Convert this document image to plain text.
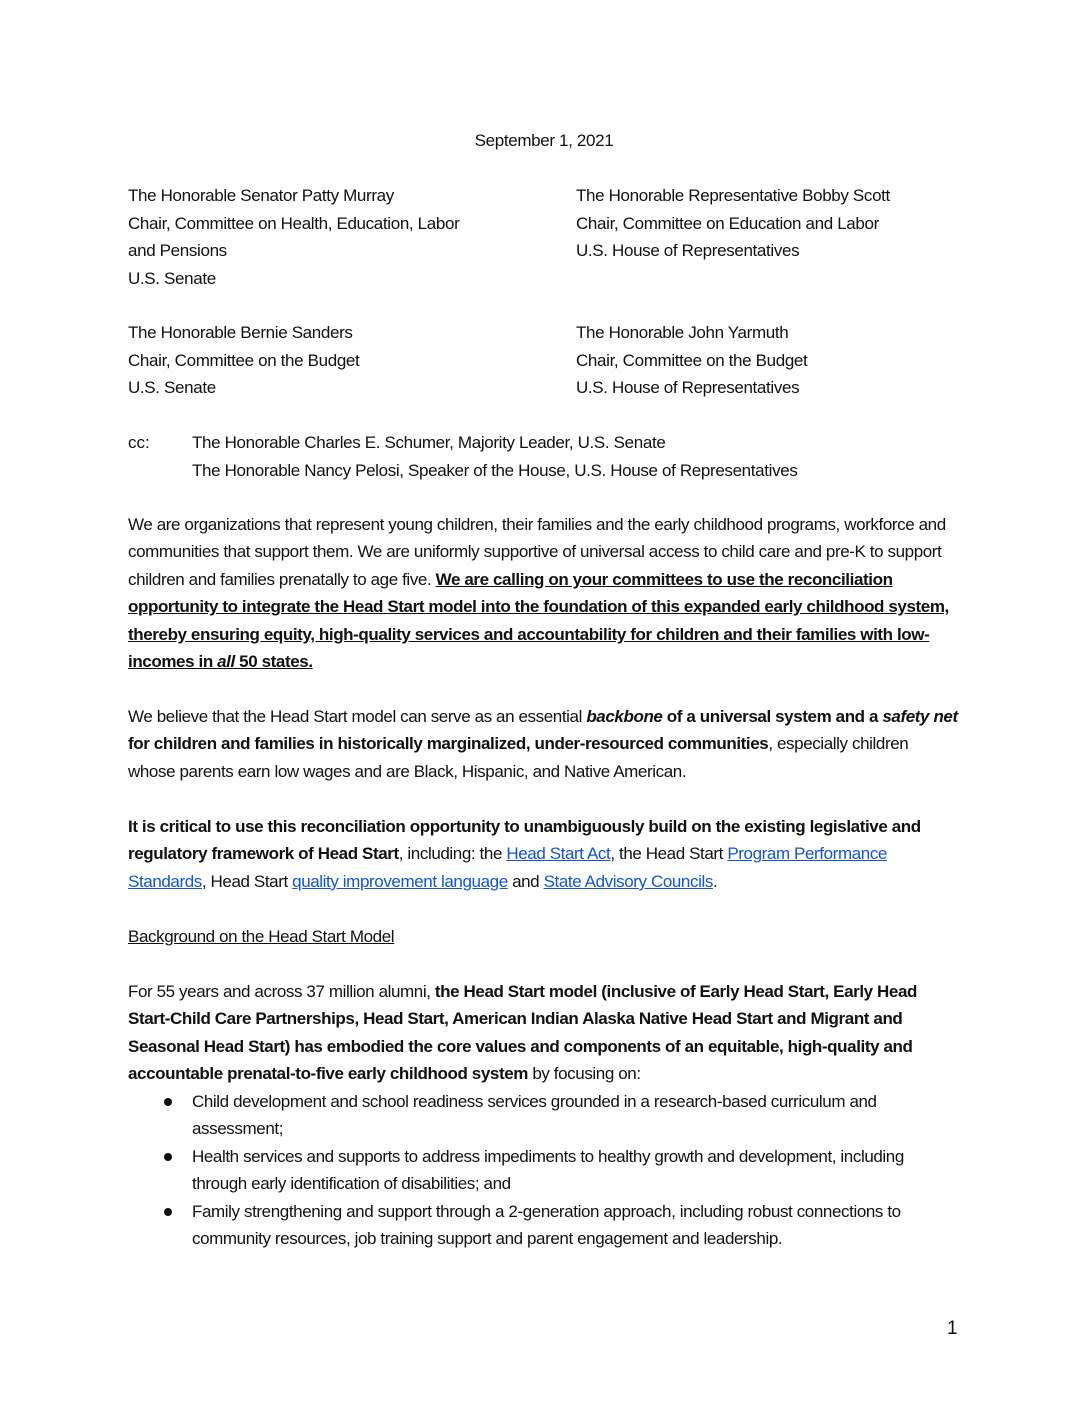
September 1, 2021
The Honorable Senator Patty Murray
Chair, Committee on Health, Education, Labor
and Pensions
U.S. Senate
The Honorable Representative Bobby Scott
Chair, Committee on Education and Labor
U.S. House of Representatives
The Honorable Bernie Sanders
Chair, Committee on the Budget
U.S. Senate
The Honorable John Yarmuth
Chair, Committee on the Budget
U.S. House of Representatives
cc: The Honorable Charles E. Schumer, Majority Leader, U.S. Senate
The Honorable Nancy Pelosi, Speaker of the House, U.S. House of Representatives
We are organizations that represent young children, their families and the early childhood programs, workforce and communities that support them. We are uniformly supportive of universal access to child care and pre-K to support children and families prenatally to age five. We are calling on your committees to use the reconciliation opportunity to integrate the Head Start model into the foundation of this expanded early childhood system, thereby ensuring equity, high-quality services and accountability for children and their families with low-incomes in all 50 states.
We believe that the Head Start model can serve as an essential backbone of a universal system and a safety net for children and families in historically marginalized, under-resourced communities, especially children whose parents earn low wages and are Black, Hispanic, and Native American.
It is critical to use this reconciliation opportunity to unambiguously build on the existing legislative and regulatory framework of Head Start, including: the Head Start Act, the Head Start Program Performance Standards, Head Start quality improvement language and State Advisory Councils.
Background on the Head Start Model
For 55 years and across 37 million alumni, the Head Start model (inclusive of Early Head Start, Early Head Start-Child Care Partnerships, Head Start, American Indian Alaska Native Head Start and Migrant and Seasonal Head Start) has embodied the core values and components of an equitable, high-quality and accountable prenatal-to-five early childhood system by focusing on:
Child development and school readiness services grounded in a research-based curriculum and assessment;
Health services and supports to address impediments to healthy growth and development, including through early identification of disabilities; and
Family strengthening and support through a 2-generation approach, including robust connections to community resources, job training support and parent engagement and leadership.
1
